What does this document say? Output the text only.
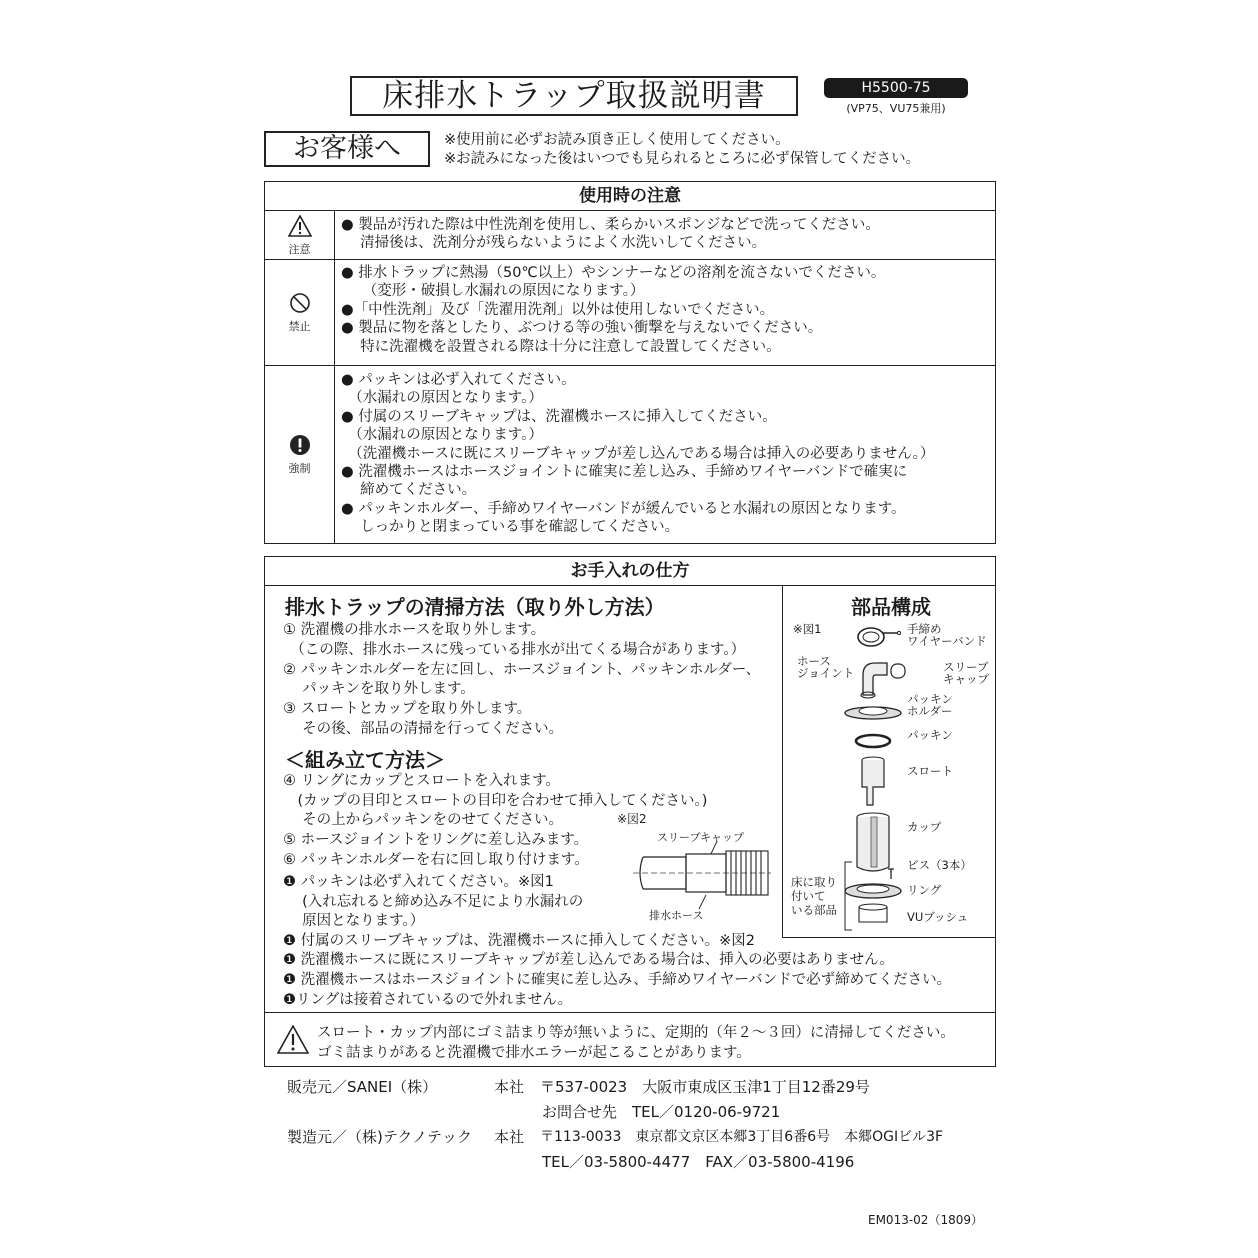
床排水トラップ取扱説明書	H5500-75
(VP75、VU75兼用)
お客様へ	※使用前に必ずお読み頂き正しく使用してください。
※お読みになった後はいつでも見られるところに必ず保管してください。
使用時の注意
注意
● 製品が汚れた際は中性洗剤を使用し、柔らかいスポンジなどで洗ってください。
　 清掃後は、洗剤分が残らないようによく水洗いしてください。
禁止
● 排水トラップに熱湯（50℃以上）やシンナーなどの溶剤を流さないでください。
　　（変形・破損し水漏れの原因になります。）
●「中性洗剤」及び「洗濯用洗剤」以外は使用しないでください。
● 製品に物を落としたり、ぶつける等の強い衝撃を与えないでください。
　 特に洗濯機を設置される際は十分に注意して設置してください。
強制
● パッキンは必ず入れてください。
　（水漏れの原因となります。）
● 付属のスリーブキャップは、洗濯機ホースに挿入してください。
　（水漏れの原因となります。）
　（洗濯機ホースに既にスリーブキャップが差し込んである場合は挿入の必要ありません。）
● 洗濯機ホースはホースジョイントに確実に差し込み、手締めワイヤーバンドで確実に
　 締めてください。
● パッキンホルダー、手締めワイヤーバンドが緩んでいると水漏れの原因となります。
　 しっかりと閉まっている事を確認してください。
お手入れの仕方
排水トラップの清掃方法（取り外し方法）
① 洗濯機の排水ホースを取り外します。
　（この際、排水ホースに残っている排水が出てくる場合があります。）
② パッキンホルダーを左に回し、ホースジョイント、パッキンホルダー、
　 パッキンを取り外します。
③ スロートとカップを取り外します。
　 その後、部品の清掃を行ってください。
＜組み立て方法＞
④ リングにカップとスロートを入れます。
　(カップの目印とスロートの目印を合わせて挿入してください。)
　 その上からパッキンをのせてください。	※図2
⑤ ホースジョイントをリングに差し込みます。
⑥ パッキンホルダーを右に回し取り付けます。
❶ パッキンは必ず入れてください。※図1
　 (入れ忘れると締め込み不足により水漏れの
　 原因となります。）
スリーブキャップ
排水ホース
部品構成
※図1	手締め
ワイヤーバンド
ホース
ジョイント	スリーブ
キャップ
パッキン
ホルダー
パッキン
スロート
カップ
ビス（3本）
リング
VUブッシュ
床に取り
付いて
いる部品
❶ 付属のスリーブキャップは、洗濯機ホースに挿入してください。※図2
❶ 洗濯機ホースに既にスリーブキャップが差し込んである場合は、挿入の必要はありません。
❶ 洗濯機ホースはホースジョイントに確実に差し込み、手締めワイヤーバンドで必ず締めてください。
❶リングは接着されているので外れません。
スロート・カップ内部にゴミ詰まり等が無いように、定期的（年２～３回）に清掃してください。
ゴミ詰まりがあると洗濯機で排水エラーが起こることがあります。
販売元／SANEI（株）	本社 〒537-0023　大阪市東成区玉津1丁目12番29号
お問合せ先　TEL／0120-06-9721
製造元／（株)テクノテック 本社 〒113-0033　東京都文京区本郷3丁目6番6号　本郷OGIビル3F
TEL／03-5800-4477　FAX／03-5800-4196
EM013-02（1809）
